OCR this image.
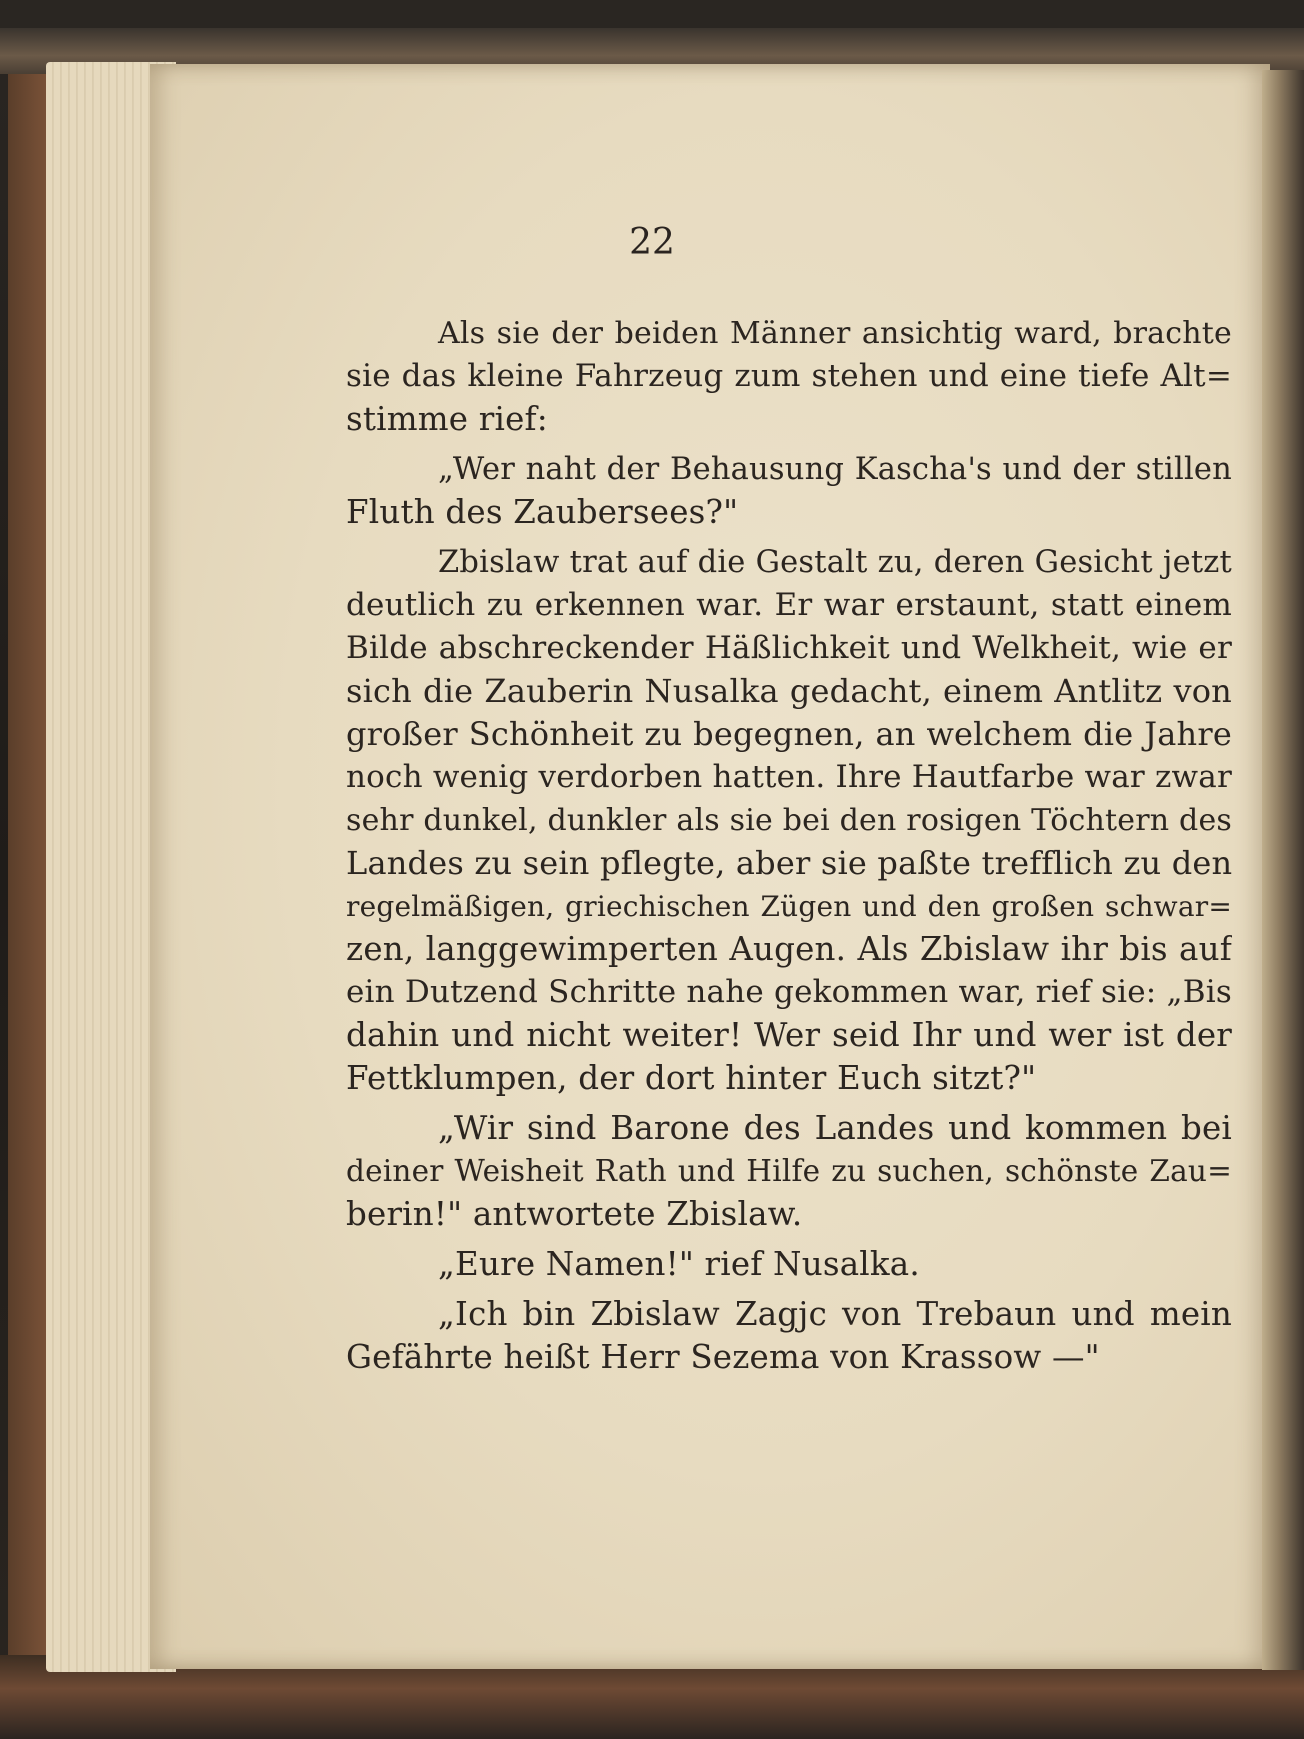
22
Als sie der beiden Männer ansichtig ward, brachte
sie das kleine Fahrzeug zum stehen und eine tiefe Alt=
stimme rief:
„Wer naht der Behausung Kascha's und der stillen
Fluth des Zaubersees?"
Zbislaw trat auf die Gestalt zu, deren Gesicht jetzt
deutlich zu erkennen war. Er war erstaunt, statt einem
Bilde abschreckender Häßlichkeit und Welkheit, wie er
sich die Zauberin Nusalka gedacht, einem Antlitz von
großer Schönheit zu begegnen, an welchem die Jahre
noch wenig verdorben hatten. Ihre Hautfarbe war zwar
sehr dunkel, dunkler als sie bei den rosigen Töchtern des
Landes zu sein pflegte, aber sie paßte trefflich zu den
regelmäßigen, griechischen Zügen und den großen schwar=
zen, langgewimperten Augen. Als Zbislaw ihr bis auf
ein Dutzend Schritte nahe gekommen war, rief sie: „Bis
dahin und nicht weiter! Wer seid Ihr und wer ist der
Fettklumpen, der dort hinter Euch sitzt?"
„Wir sind Barone des Landes und kommen bei
deiner Weisheit Rath und Hilfe zu suchen, schönste Zau=
berin!" antwortete Zbislaw.
„Eure Namen!" rief Nusalka.
„Ich bin Zbislaw Zagjc von Trebaun und mein
Gefährte heißt Herr Sezema von Krassow —"
